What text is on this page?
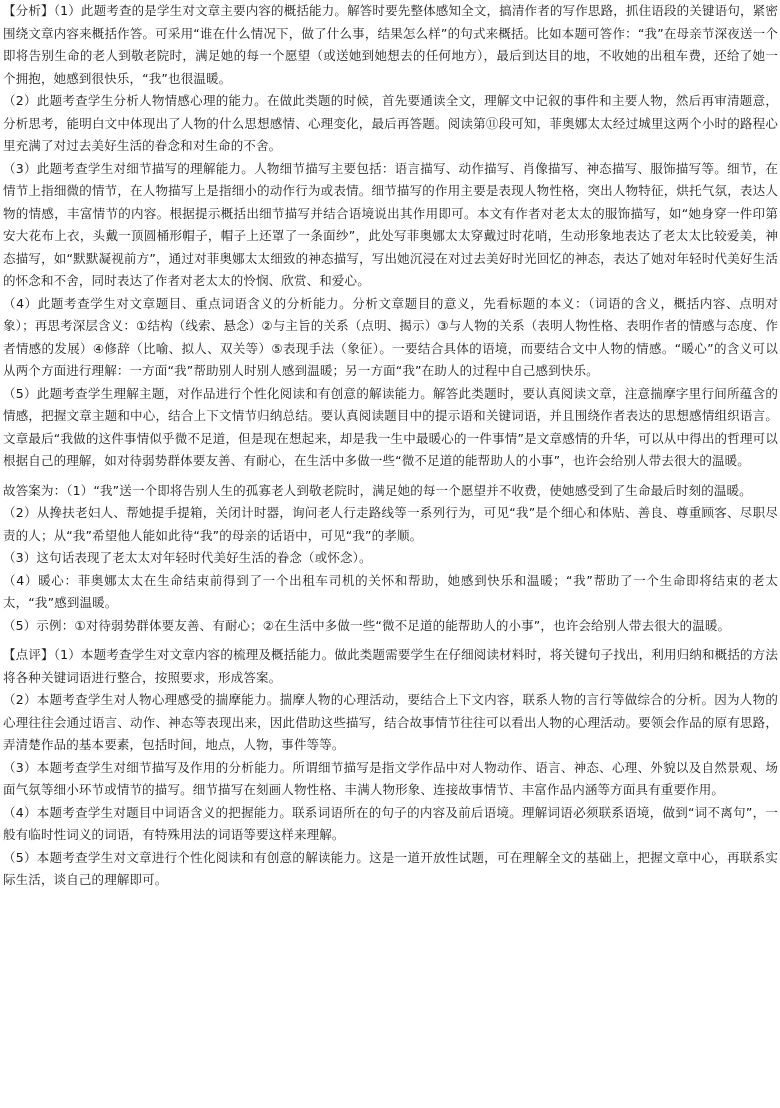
【分析】（1）此题考查的是学生对文章主要内容的概括能力。解答时要先整体感知全文，搞清作者的写作思路，抓住语段的关键语句，紧密围绕文章内容来概括作答。可采用“谁在什么情况下，做了什么事，结果怎么样”的句式来概括。比如本题可答作：“我”在母亲节深夜送一个即将告别生命的老人到敬老院时，满足她的每一个愿望（或送她到她想去的任何地方），最后到达目的地，不收她的出租车费，还给了她一个拥抱，她感到很快乐，“我”也很温暖。

（2）此题考查学生分析人物情感心理的能力。在做此类题的时候，首先要通读全文，理解文中记叙的事件和主要人物，然后再审清题意，分析思考，能明白文中体现出了人物的什么思想感情、心理变化，最后再答题。阅读第⑪段可知，菲奥娜太太经过城里这两个小时的路程心里充满了对过去美好生活的眷念和对生命的不舍。

（3）此题考查学生对细节描写的理解能力。人物细节描写主要包括：语言描写、动作描写、肖像描写、神态描写、服饰描写等。细节，在情节上指细微的情节，在人物描写上是指细小的动作行为或表情。细节描写的作用主要是表现人物性格，突出人物特征，烘托气氛，表达人物的情感，丰富情节的内容。根据提示概括出细节描写并结合语境说出其作用即可。本文有作者对老太太的服饰描写，如“她身穿一件印第安大花布上衣，头戴一顶圆桶形帽子，帽子上还罩了一条面纱”，此处写菲奥娜太太穿戴过时花哨，生动形象地表达了老太太比较爱美，神态描写，如“默默凝视前方”，通过对菲奥娜太太细致的神态描写，写出她沉浸在对过去美好时光回忆的神态，表达了她对年轻时代美好生活的怀念和不舍，同时表达了作者对老太太的怜悯、欣赏、和爱心。

（4）此题考查学生对文章题目、重点词语含义的分析能力。分析文章题目的意义，先看标题的本义：（词语的含义，概括内容、点明对象）；再思考深层含义：①结构（线索、悬念）②与主旨的关系（点明、揭示）③与人物的关系（表明人物性格、表明作者的情感与态度、作者情感的发展）④修辞（比喻、拟人、双关等）⑤表现手法（象征）。一要结合具体的语境，而要结合文中人物的情感。“暖心”的含义可以从两个方面进行理解：一方面“我”帮助别人时别人感到温暖；另一方面“我”在助人的过程中自己感到快乐。

（5）此题考查学生理解主题，对作品进行个性化阅读和有创意的解读能力。解答此类题时，要认真阅读文章，注意揣摩字里行间所蕴含的情感，把握文章主题和中心，结合上下文情节归纳总结。要认真阅读题目中的提示语和关键词语，并且围绕作者表达的思想感情组织语言。文章最后“我做的这件事情似乎微不足道，但是现在想起来，却是我一生中最暖心的一件事情”是文章感情的升华，可以从中得出的哲理可以根据自己的理解，如对待弱势群体要友善、有耐心，在生活中多做一些“微不足道的能帮助人的小事”，也许会给别人带去很大的温暖。

故答案为：（1）“我”送一个即将告别人生的孤寡老人到敬老院时，满足她的每一个愿望并不收费，使她感受到了生命最后时刻的温暖。

（2）从搀扶老妇人、帮她提手提箱，关闭计时器，询问老人行走路线等一系列行为，可见“我”是个细心和体贴、善良、尊重顾客、尽职尽责的人；从“我”希望他人能如此待“我”的母亲的话语中，可见“我”的孝顺。

（3）这句话表现了老太太对年轻时代美好生活的眷念（或怀念）。

（4）暖心：菲奥娜太太在生命结束前得到了一个出租车司机的关怀和帮助，她感到快乐和温暖；“我”帮助了一个生命即将结束的老太太，“我”感到温暖。

（5）示例：①对待弱势群体要友善、有耐心；②在生活中多做一些“微不足道的能帮助人的小事”，也许会给别人带去很大的温暖。

【点评】（1）本题考查学生对文章内容的梳理及概括能力。做此类题需要学生在仔细阅读材料时，将关键句子找出，利用归纳和概括的方法将各种关键词语进行整合，按照要求，形成答案。

（2）本题考查学生对人物心理感受的揣摩能力。揣摩人物的心理活动，要结合上下文内容，联系人物的言行等做综合的分析。因为人物的心理往往会通过语言、动作、神态等表现出来，因此借助这些描写，结合故事情节往往可以看出人物的心理活动。要领会作品的原有思路，弄清楚作品的基本要素，包括时间，地点，人物，事件等等。

（3）本题考查学生对细节描写及作用的分析能力。所谓细节描写是指文学作品中对人物动作、语言、神态、心理、外貌以及自然景观、场面气氛等细小环节或情节的描写。细节描写在刻画人物性格、丰满人物形象、连接故事情节、丰富作品内涵等方面具有重要作用。

（4）本题考查学生对题目中词语含义的把握能力。联系词语所在的句子的内容及前后语境。理解词语必须联系语境，做到“词不离句”，一般有临时性词义的词语，有特殊用法的词语等要这样来理解。

（5）本题考查学生对文章进行个性化阅读和有创意的解读能力。这是一道开放性试题，可在理解全文的基础上，把握文章中心，再联系实际生活，谈自己的理解即可。
